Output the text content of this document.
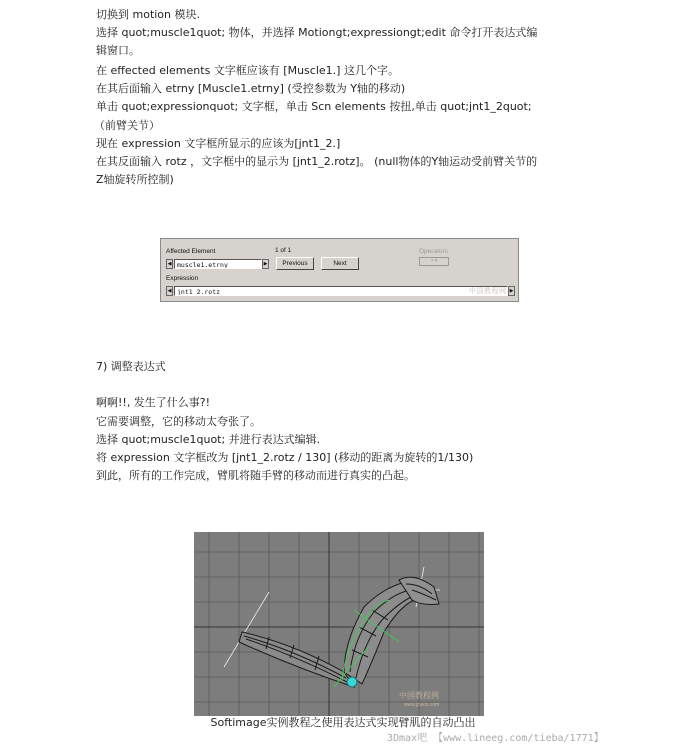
切换到 motion 模块.
选择 quot;muscle1quot; 物体，并选择 Motiongt;expressiongt;edit 命令打开表达式编
辑窗口。
在 effected elements 文字框应该有 [Muscle1.] 这几个字。
在其后面输入 etrny [Muscle1.etrny] (受控参数为 Y轴的移动)
单击 quot;expressionquot; 文字框，单击 Scn elements 按扭,单击 quot;jnt1_2quot;
（前臂关节）
现在 expression 文字框所显示的应该为[jnt1_2.]
在其反面输入 rotz ，文字框中的显示为 [jnt1_2.rotz]。 (null物体的Y轴运动受前臂关节的
Z轴旋转所控制)
Affected Element
◀ muscle1.etrny	▶
1 of 1
Previous	Next
Operators
+ ▾
Expression
◀ jnt1_2.rotz	▶
中国教程网
7) 调整表达式
啊啊!!, 发生了什么事?!
它需要调整，它的移动太夸张了。
选择 quot;muscle1quot; 并进行表达式编辑.
将 expression 文字框改为 [jnt1_2.rotz / 130] (移动的距离为旋转的1/130)
到此，所有的工作完成，臂肌将随手臂的移动而进行真实的凸起。
中国教程网
www.jcwcn.com
Softimage实例教程之使用表达式实现臂肌的自动凸出
3Dmax吧 【www.lineeg.com/tieba/1771】
